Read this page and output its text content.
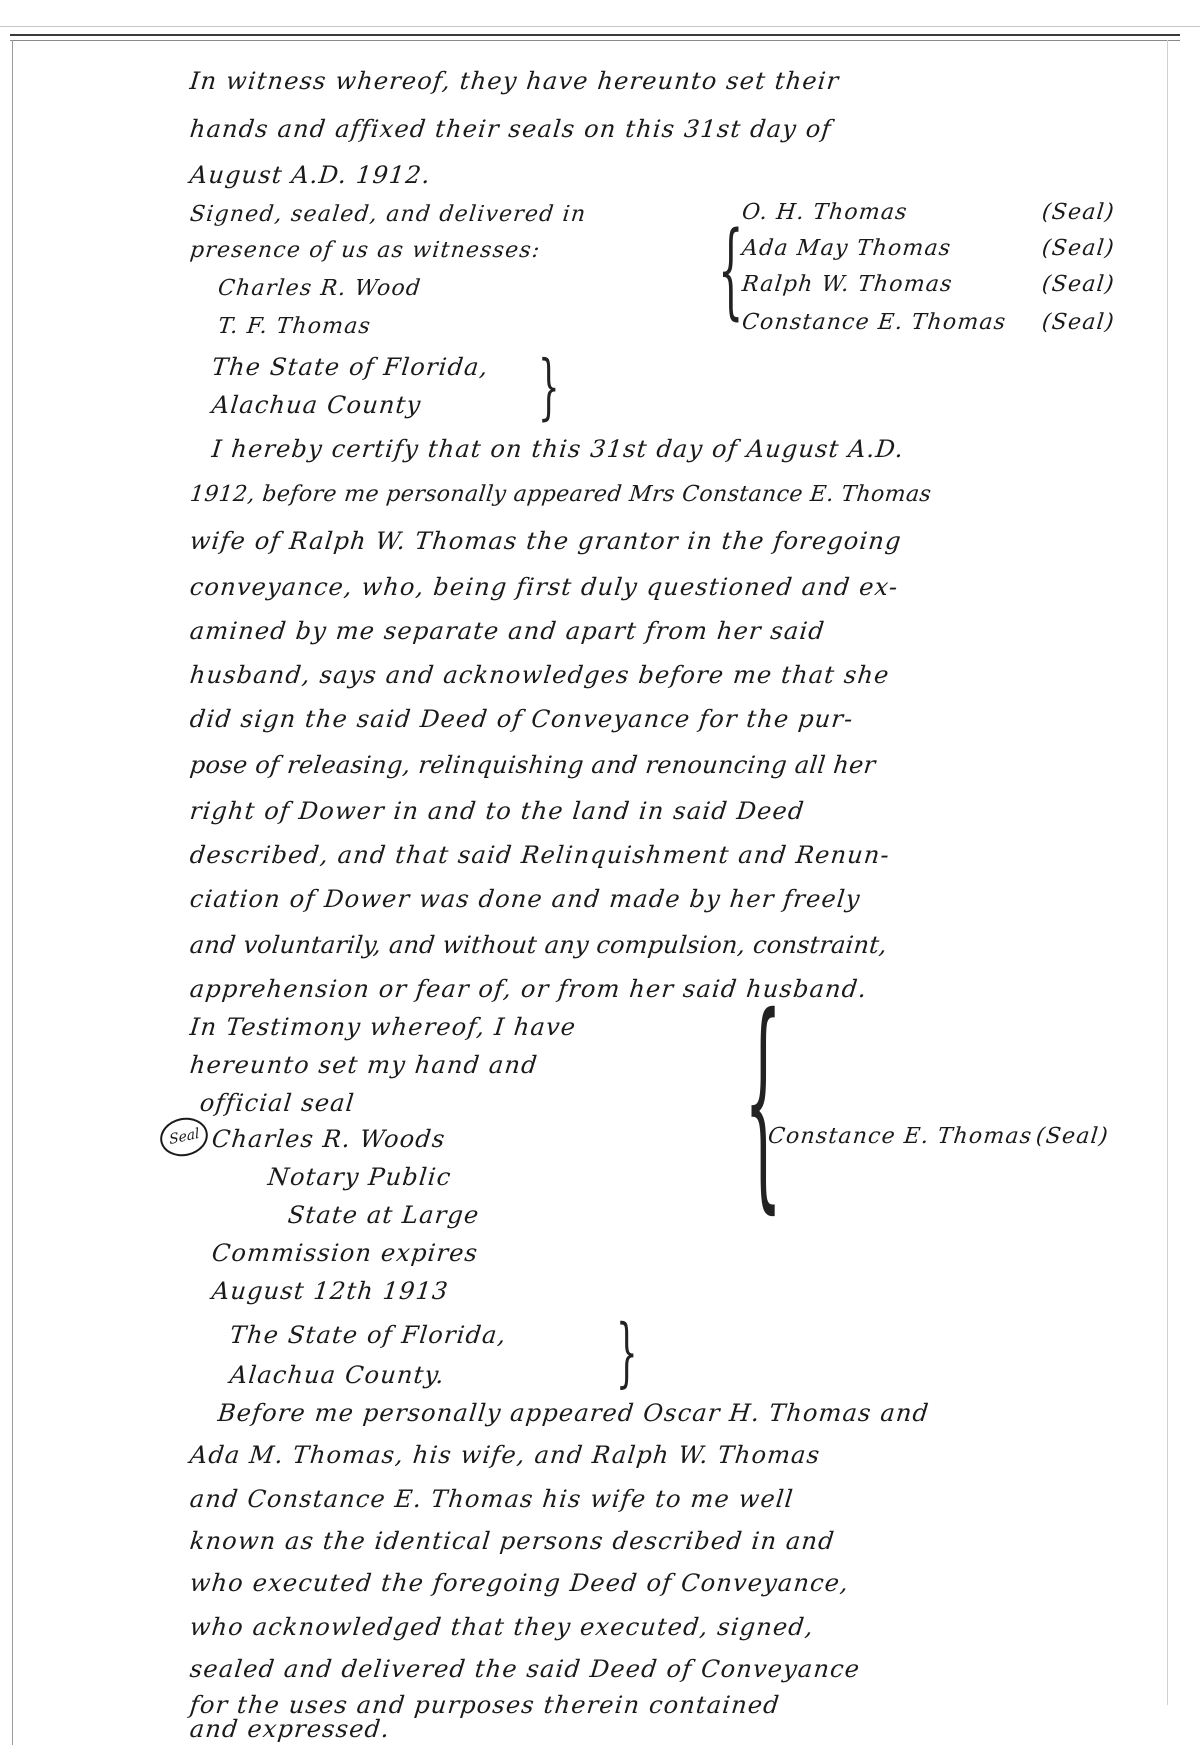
In witness whereof, they have hereunto set their
hands and affixed their seals on this 31st day of
August A.D. 1912.
Signed, sealed, and delivered in
presence of us as witnesses:
Charles R. Wood
T. F. Thomas	{
O. H. Thomas	(Seal)
Ada May Thomas	(Seal)
Ralph W. Thomas	(Seal)
Constance E. Thomas (Seal)
The State of Florida,
Alachua County	}
I hereby certify that on this 31st day of August A.D.
1912, before me personally appeared Mrs Constance E. Thomas
wife of Ralph W. Thomas the grantor in the foregoing
conveyance, who, being first duly questioned and ex-
amined by me separate and apart from her said
husband, says and acknowledges before me that she
did sign the said Deed of Conveyance for the pur-
pose of releasing, relinquishing and renouncing all her
right of Dower in and to the land in said Deed
described, and that said Relinquishment and Renun-
ciation of Dower was done and made by her freely
and voluntarily, and without any compulsion, constraint,
apprehension or fear of, or from her said husband.
In Testimony whereof, I have
hereunto set my hand and
official seal
Seal Charles R. Woods
Notary Public
State at Large
Commission expires
August 12th 1913
{
Constance E. Thomas (Seal)
The State of Florida,
Alachua County.	}
Before me personally appeared Oscar H. Thomas and
Ada M. Thomas, his wife, and Ralph W. Thomas
and Constance E. Thomas his wife to me well
known as the identical persons described in and
who executed the foregoing Deed of Conveyance,
who acknowledged that they executed, signed,
sealed and delivered the said Deed of Conveyance
for the uses and purposes therein contained
and expressed.
